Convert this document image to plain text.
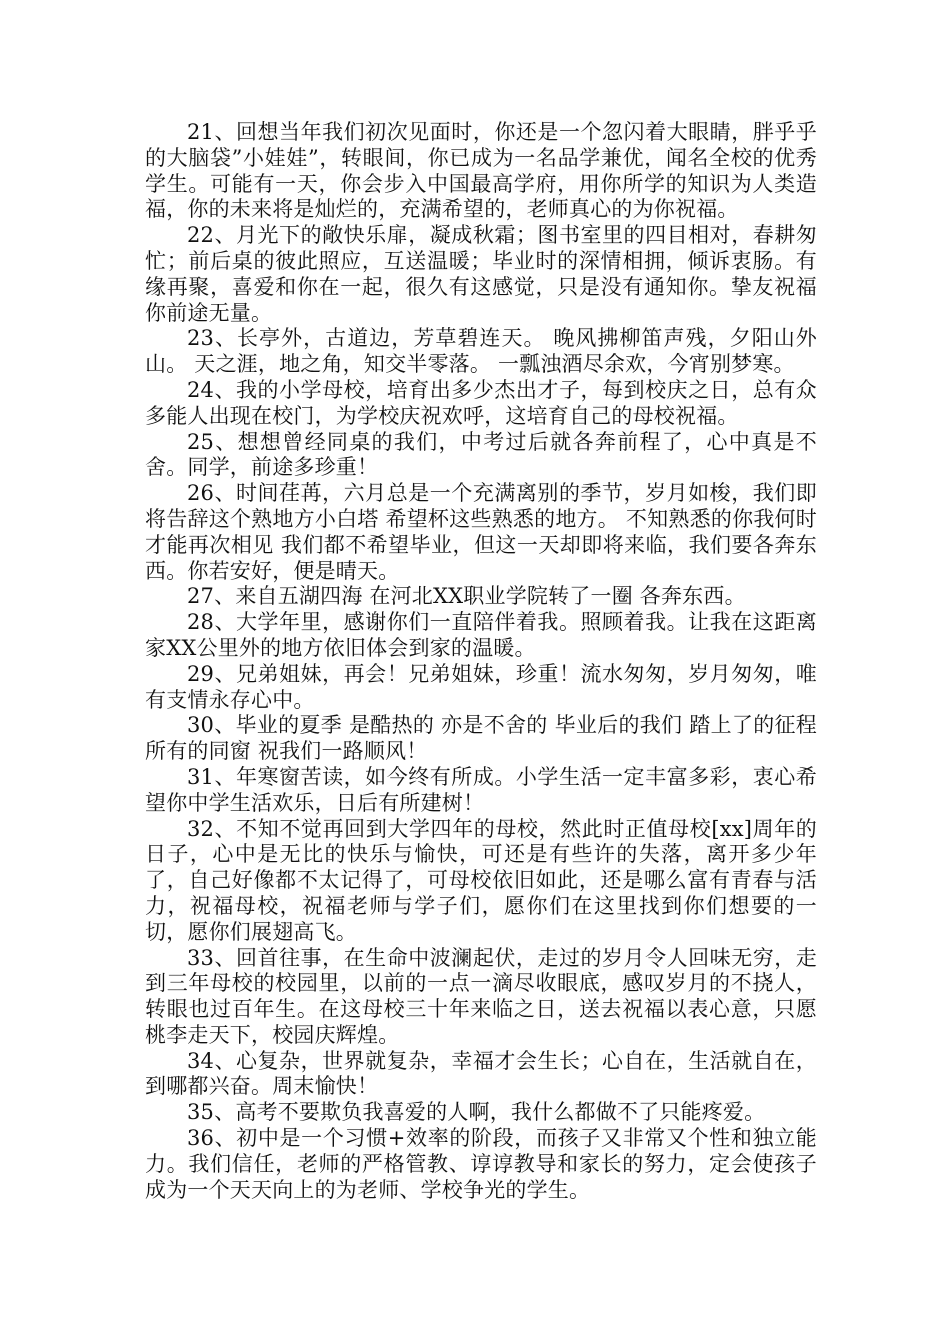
21、回想当年我们初次见面时，你还是一个忽闪着大眼睛，胖乎乎的大脑袋”小娃娃”，转眼间，你已成为一名品学兼优，闻名全校的优秀学生。可能有一天，你会步入中国最高学府，用你所学的知识为人类造福，你的未来将是灿烂的，充满希望的，老师真心的为你祝福。

22、月光下的敞快乐扉，凝成秋霜；图书室里的四目相对，春耕匆忙；前后桌的彼此照应，互送温暖；毕业时的深情相拥，倾诉衷肠。有缘再聚，喜爱和你在一起，很久有这感觉，只是没有通知你。挚友祝福你前途无量。

23、长亭外，古道边，芳草碧连天。 晚风拂柳笛声残，夕阳山外山。 天之涯，地之角，知交半零落。 一瓢浊酒尽余欢，今宵别梦寒。

24、我的小学母校，培育出多少杰出才子，每到校庆之日，总有众多能人出现在校门，为学校庆祝欢呼，这培育自己的母校祝福。

25、想想曾经同桌的我们，中考过后就各奔前程了，心中真是不舍。同学，前途多珍重！

26、时间荏苒，六月总是一个充满离别的季节，岁月如梭，我们即将告辞这个熟地方小白塔 希望杯这些熟悉的地方。 不知熟悉的你我何时才能再次相见 我们都不希望毕业，但这一天却即将来临，我们要各奔东西。你若安好，便是晴天。

27、来自五湖四海 在河北XX职业学院转了一圈 各奔东西。

28、大学年里，感谢你们一直陪伴着我。照顾着我。让我在这距离家XX公里外的地方依旧体会到家的温暖。

29、兄弟姐妹，再会！兄弟姐妹，珍重！流水匆匆，岁月匆匆，唯有支情永存心中。

30、毕业的夏季 是酷热的 亦是不舍的 毕业后的我们 踏上了的征程 所有的同窗 祝我们一路顺风！

31、年寒窗苦读，如今终有所成。小学生活一定丰富多彩，衷心希望你中学生活欢乐，日后有所建树！

32、不知不觉再回到大学四年的母校，然此时正值母校[xx]周年的日子，心中是无比的快乐与愉快，可还是有些许的失落，离开多少年了，自己好像都不太记得了，可母校依旧如此，还是哪么富有青春与活力，祝福母校，祝福老师与学子们，愿你们在这里找到你们想要的一切，愿你们展翅高飞。

33、回首往事，在生命中波澜起伏，走过的岁月令人回味无穷，走到三年母校的校园里，以前的一点一滴尽收眼底，感叹岁月的不挠人，转眼也过百年生。在这母校三十年来临之日，送去祝福以表心意，只愿桃李走天下，校园庆辉煌。

34、心复杂，世界就复杂，幸福才会生长；心自在，生活就自在，到哪都兴奋。周末愉快！

35、高考不要欺负我喜爱的人啊，我什么都做不了只能疼爱。

36、初中是一个习惯+效率的阶段，而孩子又非常又个性和独立能力。我们信任，老师的严格管教、谆谆教导和家长的努力，定会使孩子成为一个天天向上的为老师、学校争光的学生。
